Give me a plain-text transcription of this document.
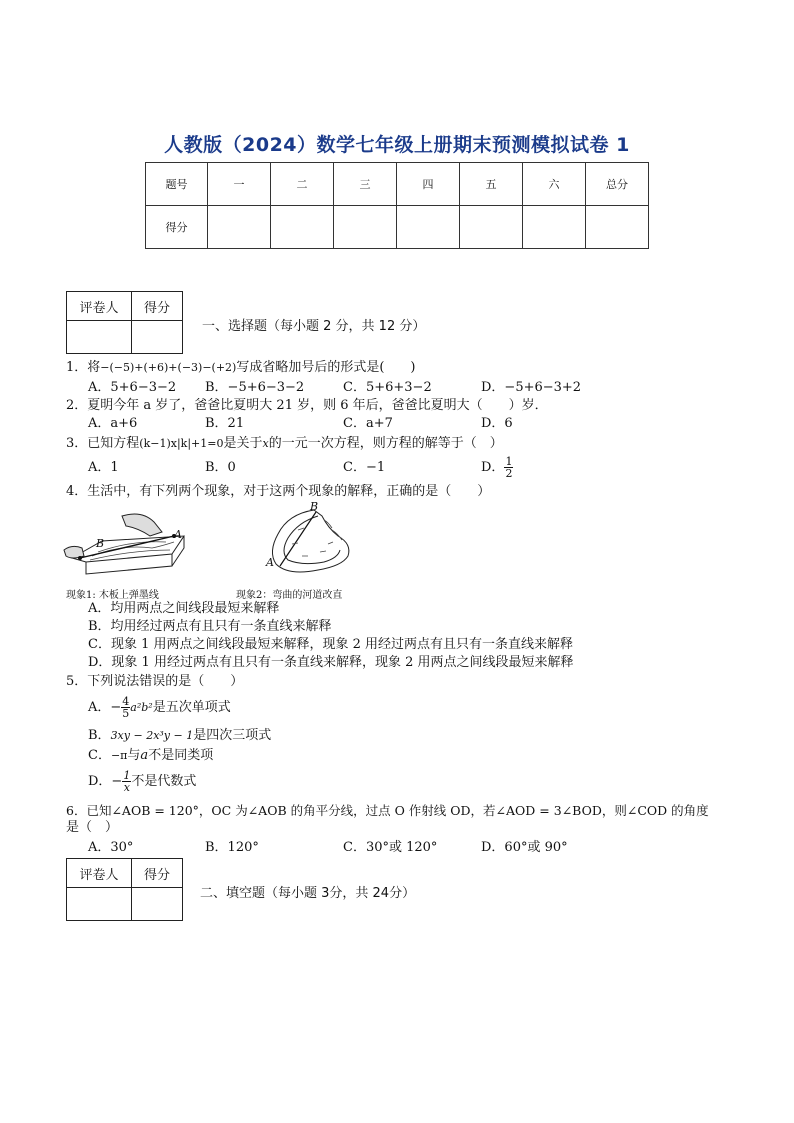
人教版（2024）数学七年级上册期末预测模拟试卷 1
题号	一	二	三	四	五	六	总分
得分							
评卷人	得分

一、选择题（每小题 2 分，共 12 分）
1．将−(−5)+(+6)+(−3)−(+2)写成省略加号后的形式是(　　)
A．5+6−3−2 B．−5+6−3−2	C．5+6+3−2	D．−5+6−3+2
2．夏明今年 a 岁了，爸爸比夏明大 21 岁，则 6 年后，爸爸比夏明大（　　）岁．
A．a+6	B．21	C．a+7	D．6
3．已知方程(k−1)x|k|+1=0是关于x的一元一次方程，则方程的解等于（　）
A．1	B．0	C．−1	D． $\frac{1}{2}$
4．生活中，有下列两个现象，对于这两个现象的解释，正确的是（　　）
B
A
B
A
现象1: 木板上弹墨线	现象2：弯曲的河道改直
A．均用两点之间线段最短来解释
B．均用经过两点有且只有一条直线来解释
C．现象 1 用两点之间线段最短来解释，现象 2 用经过两点有且只有一条直线来解释
D．现象 1 用经过两点有且只有一条直线来解释，现象 2 用两点之间线段最短来解释
5．下列说法错误的是（　　）
A．− $\frac{4}{5} a^2b^2$是五次单项式
B．3xy − 2x³y − 1是四次三项式
C．−π与a不是同类项
D．− $\frac{1}{x}$ 不是代数式
6．已知∠AOB = 120°，OC 为∠AOB 的角平分线，过点 O 作射线 OD，若∠AOD = 3∠BOD，则∠COD 的角度
是（　）
A．30°	B．120°	C．30°或 120°	D．60°或 90°
评卷人	得分

二、填空题（每小题 3分，共 24分）
